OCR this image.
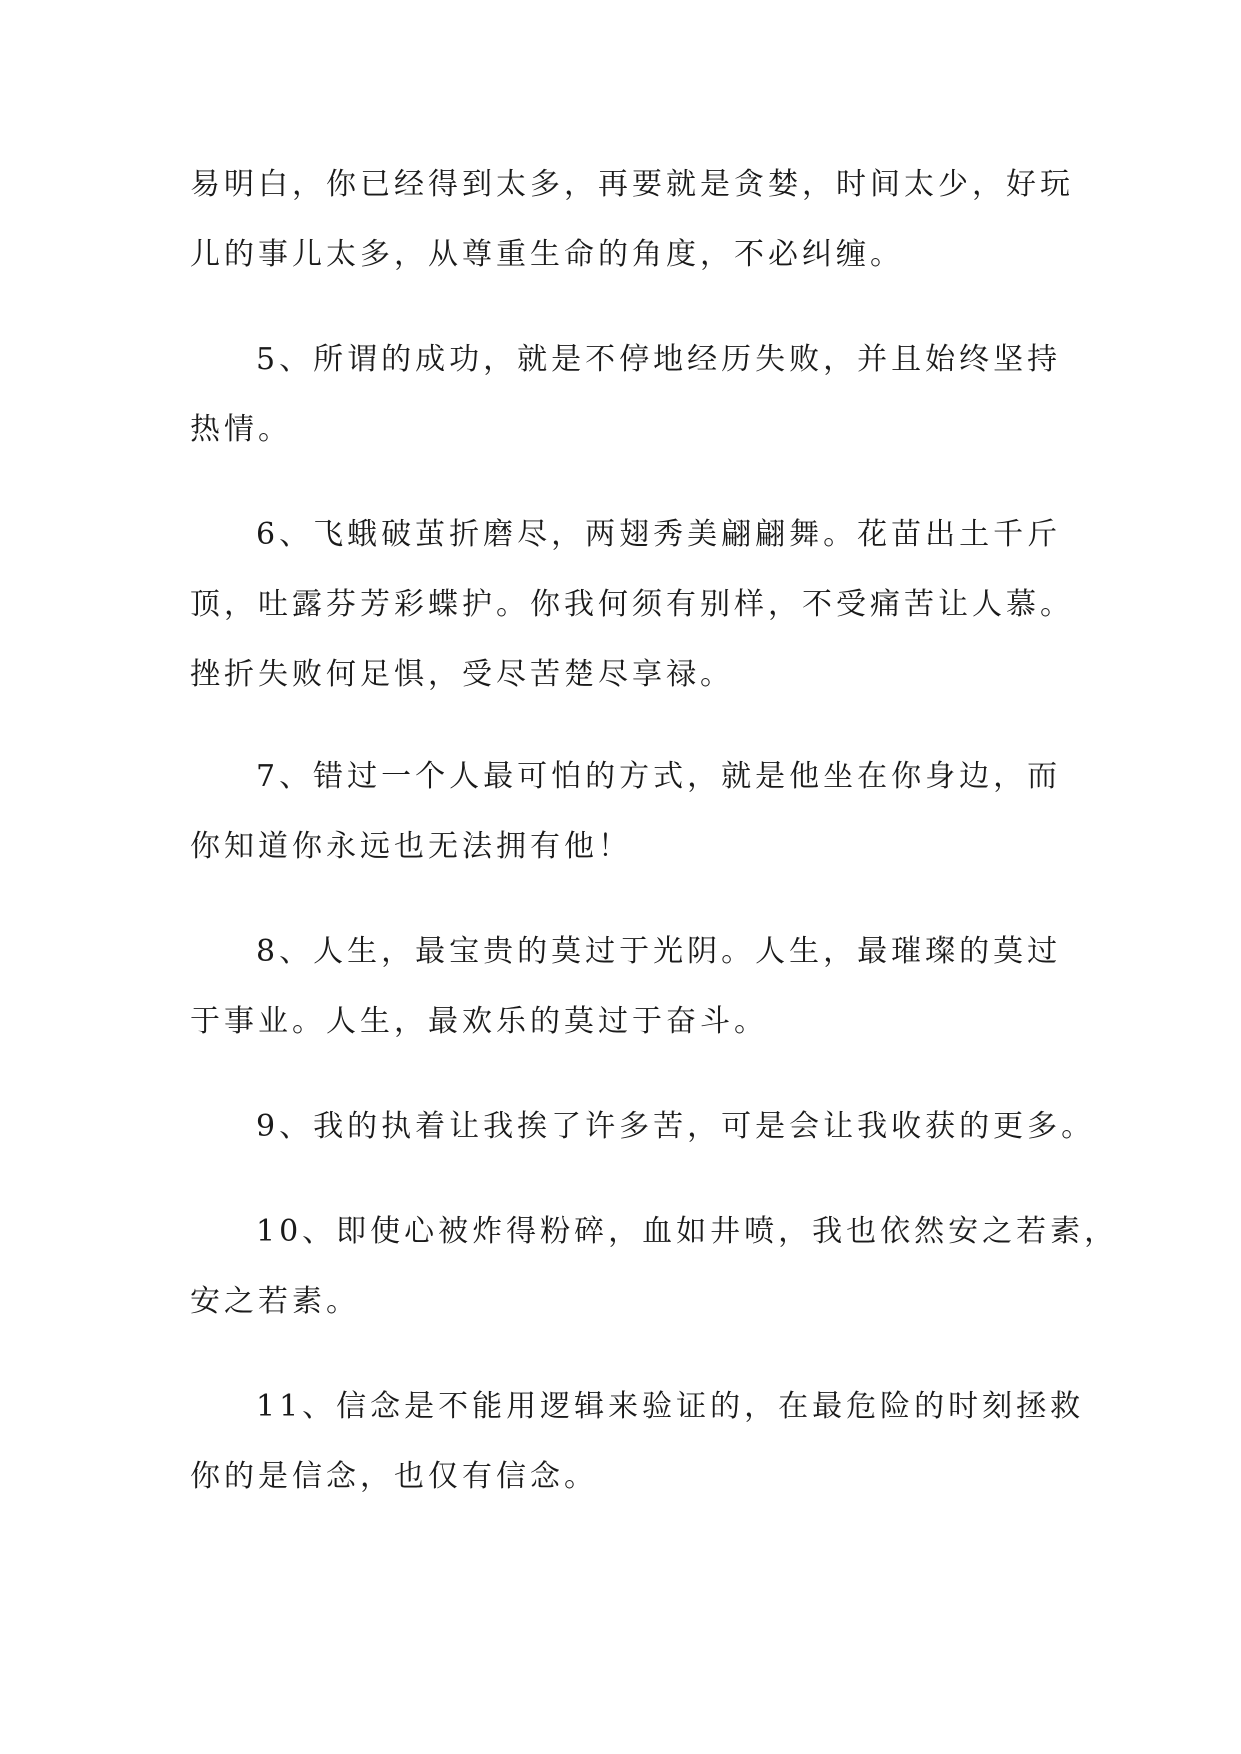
易明白，你已经得到太多，再要就是贪婪，时间太少，好玩
儿的事儿太多，从尊重生命的角度，不必纠缠。

5、所谓的成功，就是不停地经历失败，并且始终坚持
热情。

6、飞蛾破茧折磨尽，两翅秀美翩翩舞。花苗出土千斤
顶，吐露芬芳彩蝶护。你我何须有别样，不受痛苦让人慕。
挫折失败何足惧，受尽苦楚尽享禄。

7、错过一个人最可怕的方式，就是他坐在你身边，而
你知道你永远也无法拥有他！

8、人生，最宝贵的莫过于光阴。人生，最璀璨的莫过
于事业。人生，最欢乐的莫过于奋斗。

9、我的执着让我挨了许多苦，可是会让我收获的更多。

10、即使心被炸得粉碎，血如井喷，我也依然安之若素，
安之若素。

11、信念是不能用逻辑来验证的，在最危险的时刻拯救
你的是信念，也仅有信念。
